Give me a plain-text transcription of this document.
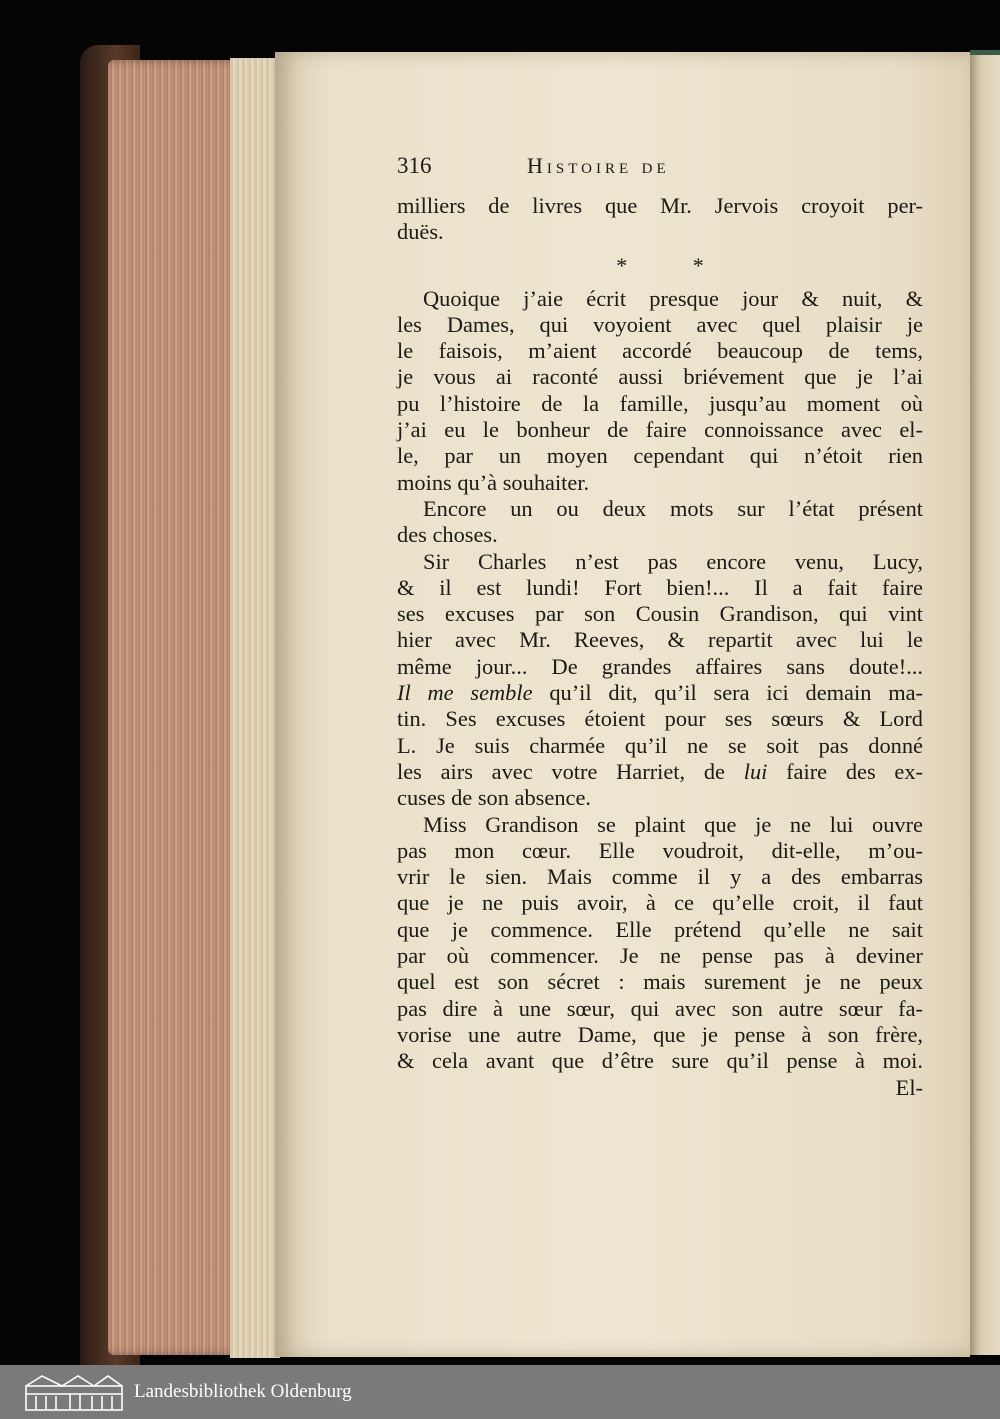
316	Histoire de
milliers de livres que Mr. Jervois croyoit per-
duës.
* *
Quoique j’aie écrit presque jour & nuit, &
les Dames, qui voyoient avec quel plaisir je
le faisois, m’aient accordé beaucoup de tems,
je vous ai raconté aussi briévement que je l’ai
pu l’histoire de la famille, jusqu’au moment où
j’ai eu le bonheur de faire connoissance avec el-
le, par un moyen cependant qui n’étoit rien
moins qu’à souhaiter.
Encore un ou deux mots sur l’état présent
des choses.
Sir Charles n’est pas encore venu, Lucy,
& il est lundi! Fort bien!... Il a fait faire
ses excuses par son Cousin Grandison, qui vint
hier avec Mr. Reeves, & repartit avec lui le
même jour... De grandes affaires sans doute!...
Il me semble qu’il dit, qu’il sera ici demain ma-
tin. Ses excuses étoient pour ses sœurs & Lord
L. Je suis charmée qu’il ne se soit pas donné
les airs avec votre Harriet, de lui faire des ex-
cuses de son absence.
Miss Grandison se plaint que je ne lui ouvre
pas mon cœur. Elle voudroit, dit-elle, m’ou-
vrir le sien. Mais comme il y a des embarras
que je ne puis avoir, à ce qu’elle croit, il faut
que je commence. Elle prétend qu’elle ne sait
par où commencer. Je ne pense pas à deviner
quel est son sécret : mais surement je ne peux
pas dire à une sœur, qui avec son autre sœur fa-
vorise une autre Dame, que je pense à son frère,
& cela avant que d’être sure qu’il pense à moi.
El-
Landesbibliothek Oldenburg
